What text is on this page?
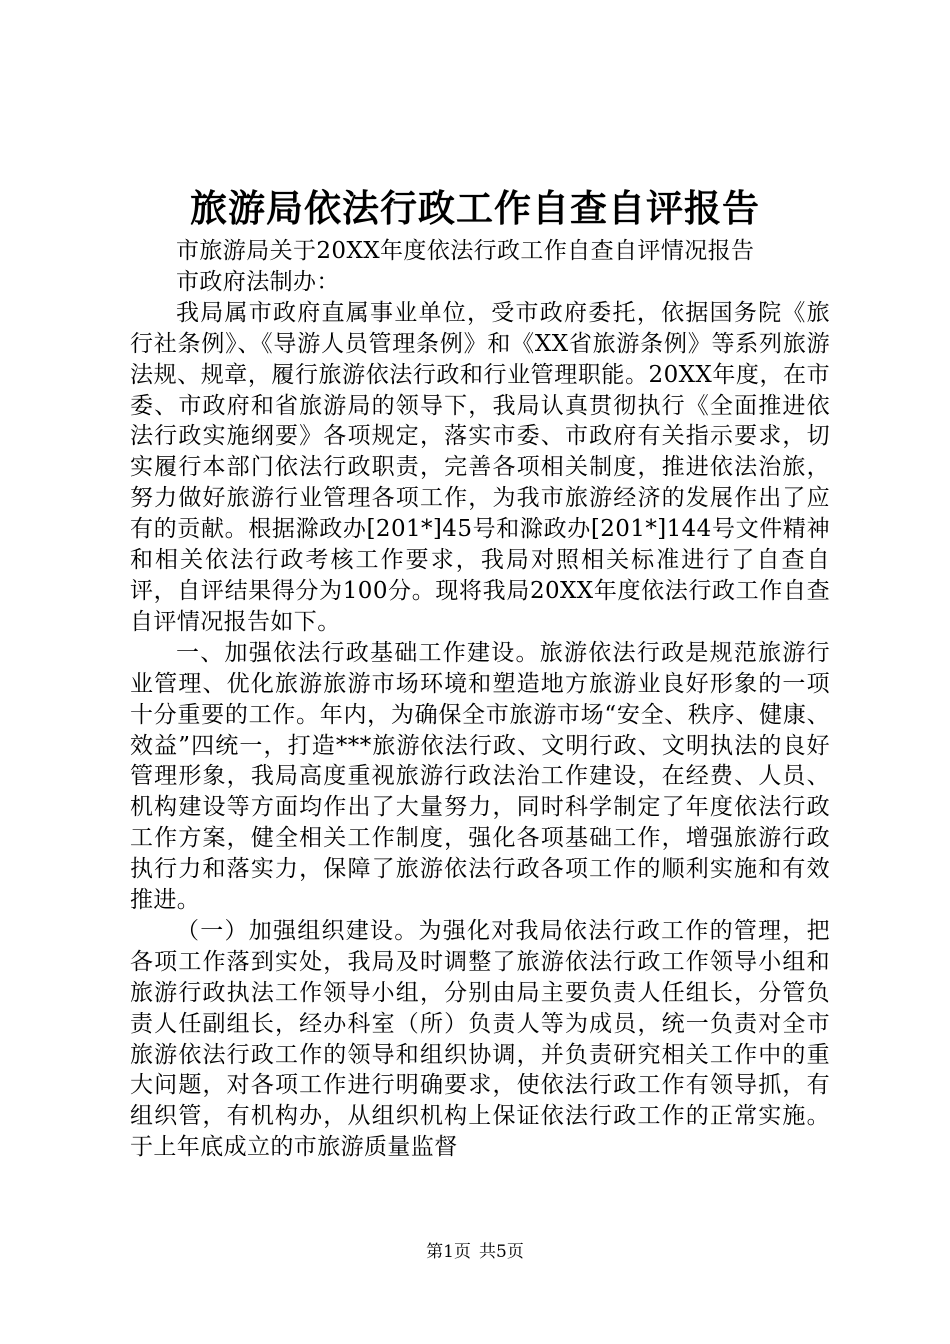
旅游局依法行政工作自查自评报告

市旅游局关于20XX年度依法行政工作自查自评情况报告

市政府法制办：

我局属市政府直属事业单位，受市政府委托，依据国务院《旅行社条例》、《导游人员管理条例》和《XX省旅游条例》等系列旅游法规、规章，履行旅游依法行政和行业管理职能。20XX年度，在市委、市政府和省旅游局的领导下，我局认真贯彻执行《全面推进依法行政实施纲要》各项规定，落实市委、市政府有关指示要求，切实履行本部门依法行政职责，完善各项相关制度，推进依法治旅，努力做好旅游行业管理各项工作，为我市旅游经济的发展作出了应有的贡献。根据滁政办[201*]45号和滁政办[201*]144号文件精神和相关依法行政考核工作要求，我局对照相关标准进行了自查自评，自评结果得分为100分。现将我局20XX年度依法行政工作自查自评情况报告如下。

一、加强依法行政基础工作建设。旅游依法行政是规范旅游行业管理、优化旅游旅游市场环境和塑造地方旅游业良好形象的一项十分重要的工作。年内，为确保全市旅游市场“安全、秩序、健康、效益”四统一，打造***旅游依法行政、文明行政、文明执法的良好管理形象，我局高度重视旅游行政法治工作建设，在经费、人员、机构建设等方面均作出了大量努力，同时科学制定了年度依法行政工作方案，健全相关工作制度，强化各项基础工作，增强旅游行政执行力和落实力，保障了旅游依法行政各项工作的顺利实施和有效推进。

（一）加强组织建设。为强化对我局依法行政工作的管理，把各项工作落到实处，我局及时调整了旅游依法行政工作领导小组和旅游行政执法工作领导小组，分别由局主要负责人任组长，分管负责人任副组长，经办科室（所）负责人等为成员，统一负责对全市旅游依法行政工作的领导和组织协调，并负责研究相关工作中的重大问题，对各项工作进行明确要求，使依法行政工作有领导抓，有组织管，有机构办，从组织机构上保证依法行政工作的正常实施。于上年底成立的市旅游质量监督

第1页 共5页
